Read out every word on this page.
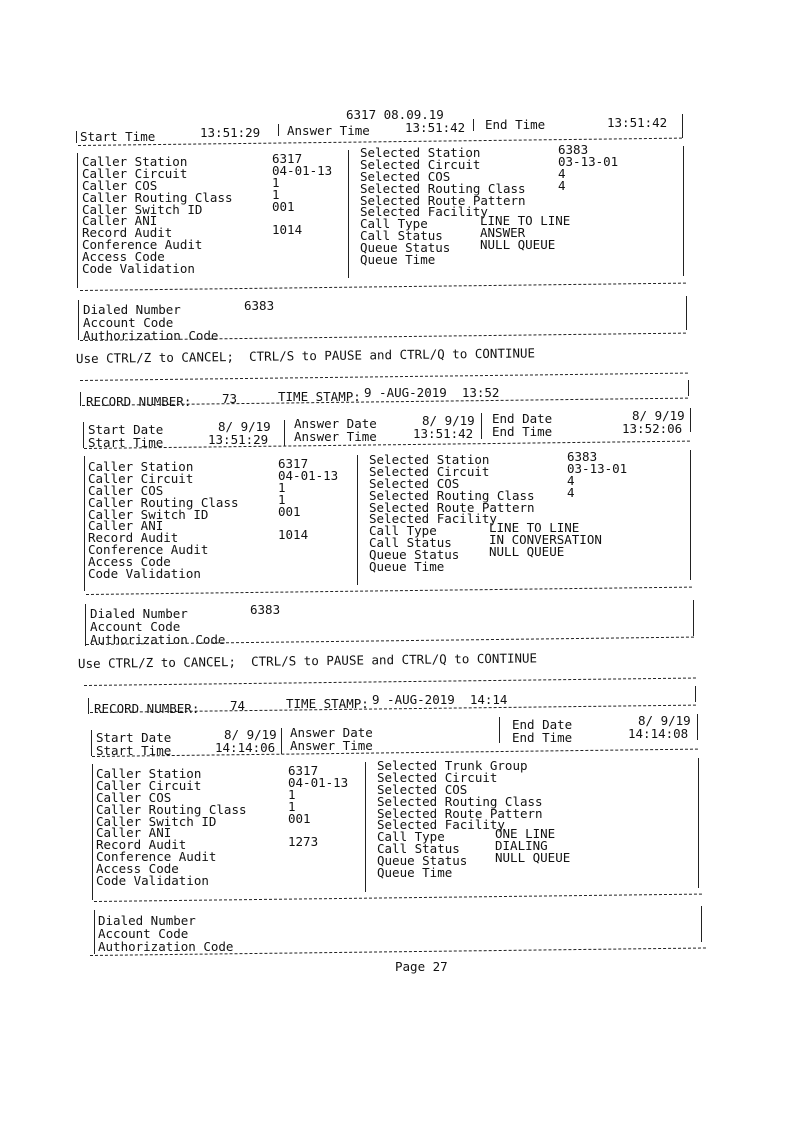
6317 08.09.19
Start Time	13:51:29 Answer Time	13:51:42 End Time	13:51:42
Caller Station	6317
Caller Circuit	04-01-13
Caller COS	1
Caller Routing Class	1
Caller Switch ID	001
Caller ANI
Record Audit	1014
Conference Audit
Access Code
Code Validation
Selected Station	6383
Selected Circuit	03-13-01
Selected COS	4
Selected Routing Class	4
Selected Route Pattern
Selected Facility
Call Type	LINE TO LINE
Call Status	ANSWER
Queue Status NULL QUEUE
Queue Time
Dialed Number	6383
Account Code
Authorization Code
Use CTRL/Z to CANCEL;  CTRL/S to PAUSE and CTRL/Q to CONTINUE
RECORD NUMBER: 73	TIME STAMP: 9 -AUG-2019  13:52
Start Date	8/ 9/19
Start Time	13:51:29
Answer Date	8/ 9/19
Answer Time	13:51:42
End Date	8/ 9/19
End Time	13:52:06
Caller Station	6317
Caller Circuit	04-01-13
Caller COS	1
Caller Routing Class	1
Caller Switch ID	001
Caller ANI
Record Audit	1014
Conference Audit
Access Code
Code Validation
Selected Station	6383
Selected Circuit	03-13-01
Selected COS	4
Selected Routing Class	4
Selected Route Pattern
Selected Facility
Call Type	LINE TO LINE
Call Status	IN CONVERSATION
Queue Status NULL QUEUE
Queue Time
Dialed Number	6383
Account Code
Authorization Code
Use CTRL/Z to CANCEL;  CTRL/S to PAUSE and CTRL/Q to CONTINUE
RECORD NUMBER: 74	TIME STAMP: 9 -AUG-2019  14:14
Start Date	8/ 9/19
Start Time	14:14:06
Answer Date
Answer Time
End Date	8/ 9/19
End Time	14:14:08
Caller Station	6317
Caller Circuit	04-01-13
Caller COS	1
Caller Routing Class	1
Caller Switch ID	001
Caller ANI
Record Audit	1273
Conference Audit
Access Code
Code Validation
Selected Trunk Group
Selected Circuit
Selected COS
Selected Routing Class
Selected Route Pattern
Selected Facility
Call Type	ONE LINE
Call Status	DIALING
Queue Status NULL QUEUE
Queue Time
Dialed Number
Account Code
Authorization Code
Page 27
